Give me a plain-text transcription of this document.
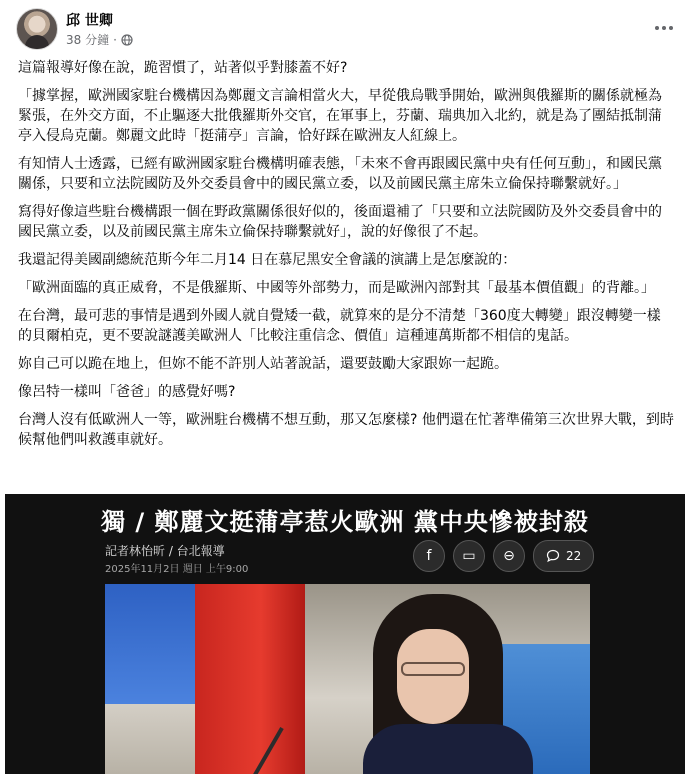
邱 世卿
38 分鐘 ·

這篇報導好像在說，跪習慣了，站著似乎對膝蓋不好?

「據掌握，歐洲國家駐台機構因為鄭麗文言論相當火大，早從俄烏戰爭開始，歐洲與俄羅斯的關係就極為緊張，在外交方面，不止驅逐大批俄羅斯外交官，在軍事上，芬蘭、瑞典加入北約，就是為了團結抵制蒲亭入侵烏克蘭。鄭麗文此時「挺蒲亭」言論，恰好踩在歐洲友人紅線上。

有知情人士透露，已經有歐洲國家駐台機構明確表態，「未來不會再跟國民黨中央有任何互動」，和國民黨關係，只要和立法院國防及外交委員會中的國民黨立委，以及前國民黨主席朱立倫保持聯繫就好。」

寫得好像這些駐台機構跟一個在野政黨關係很好似的，後面還補了「只要和立法院國防及外交委員會中的國民黨立委，以及前國民黨主席朱立倫保持聯繫就好」，說的好像很了不起。

我還記得美國副總統范斯今年二月14 日在慕尼黑安全會議的演講上是怎麼說的：

「歐洲面臨的真正威脅，不是俄羅斯、中國等外部勢力，而是歐洲內部對其「最基本價值觀」的背離。」

在台灣，最可悲的事情是遇到外國人就自覺矮一截，就算來的是分不清楚「360度大轉變」跟沒轉變一樣的貝爾柏克，更不要說謎護美歐洲人「比較注重信念、價值」這種連萬斯都不相信的鬼話。

妳自己可以跪在地上，但妳不能不許別人站著說話，還要鼓勵大家跟妳一起跪。

像呂特一樣叫「爸爸」的感覺好嗎?

台灣人沒有低歐洲人一等，歐洲駐台機構不想互動，那又怎麼樣? 他們還在忙著準備第三次世界大戰，到時候幫他們叫救護車就好。

獨 / 鄭麗文挺蒲亭惹火歐洲 黨中央慘被封殺
記者林怡昕 / 台北報導
2025年11月2日 週日 上午9:00
f	▭	⊖	22
